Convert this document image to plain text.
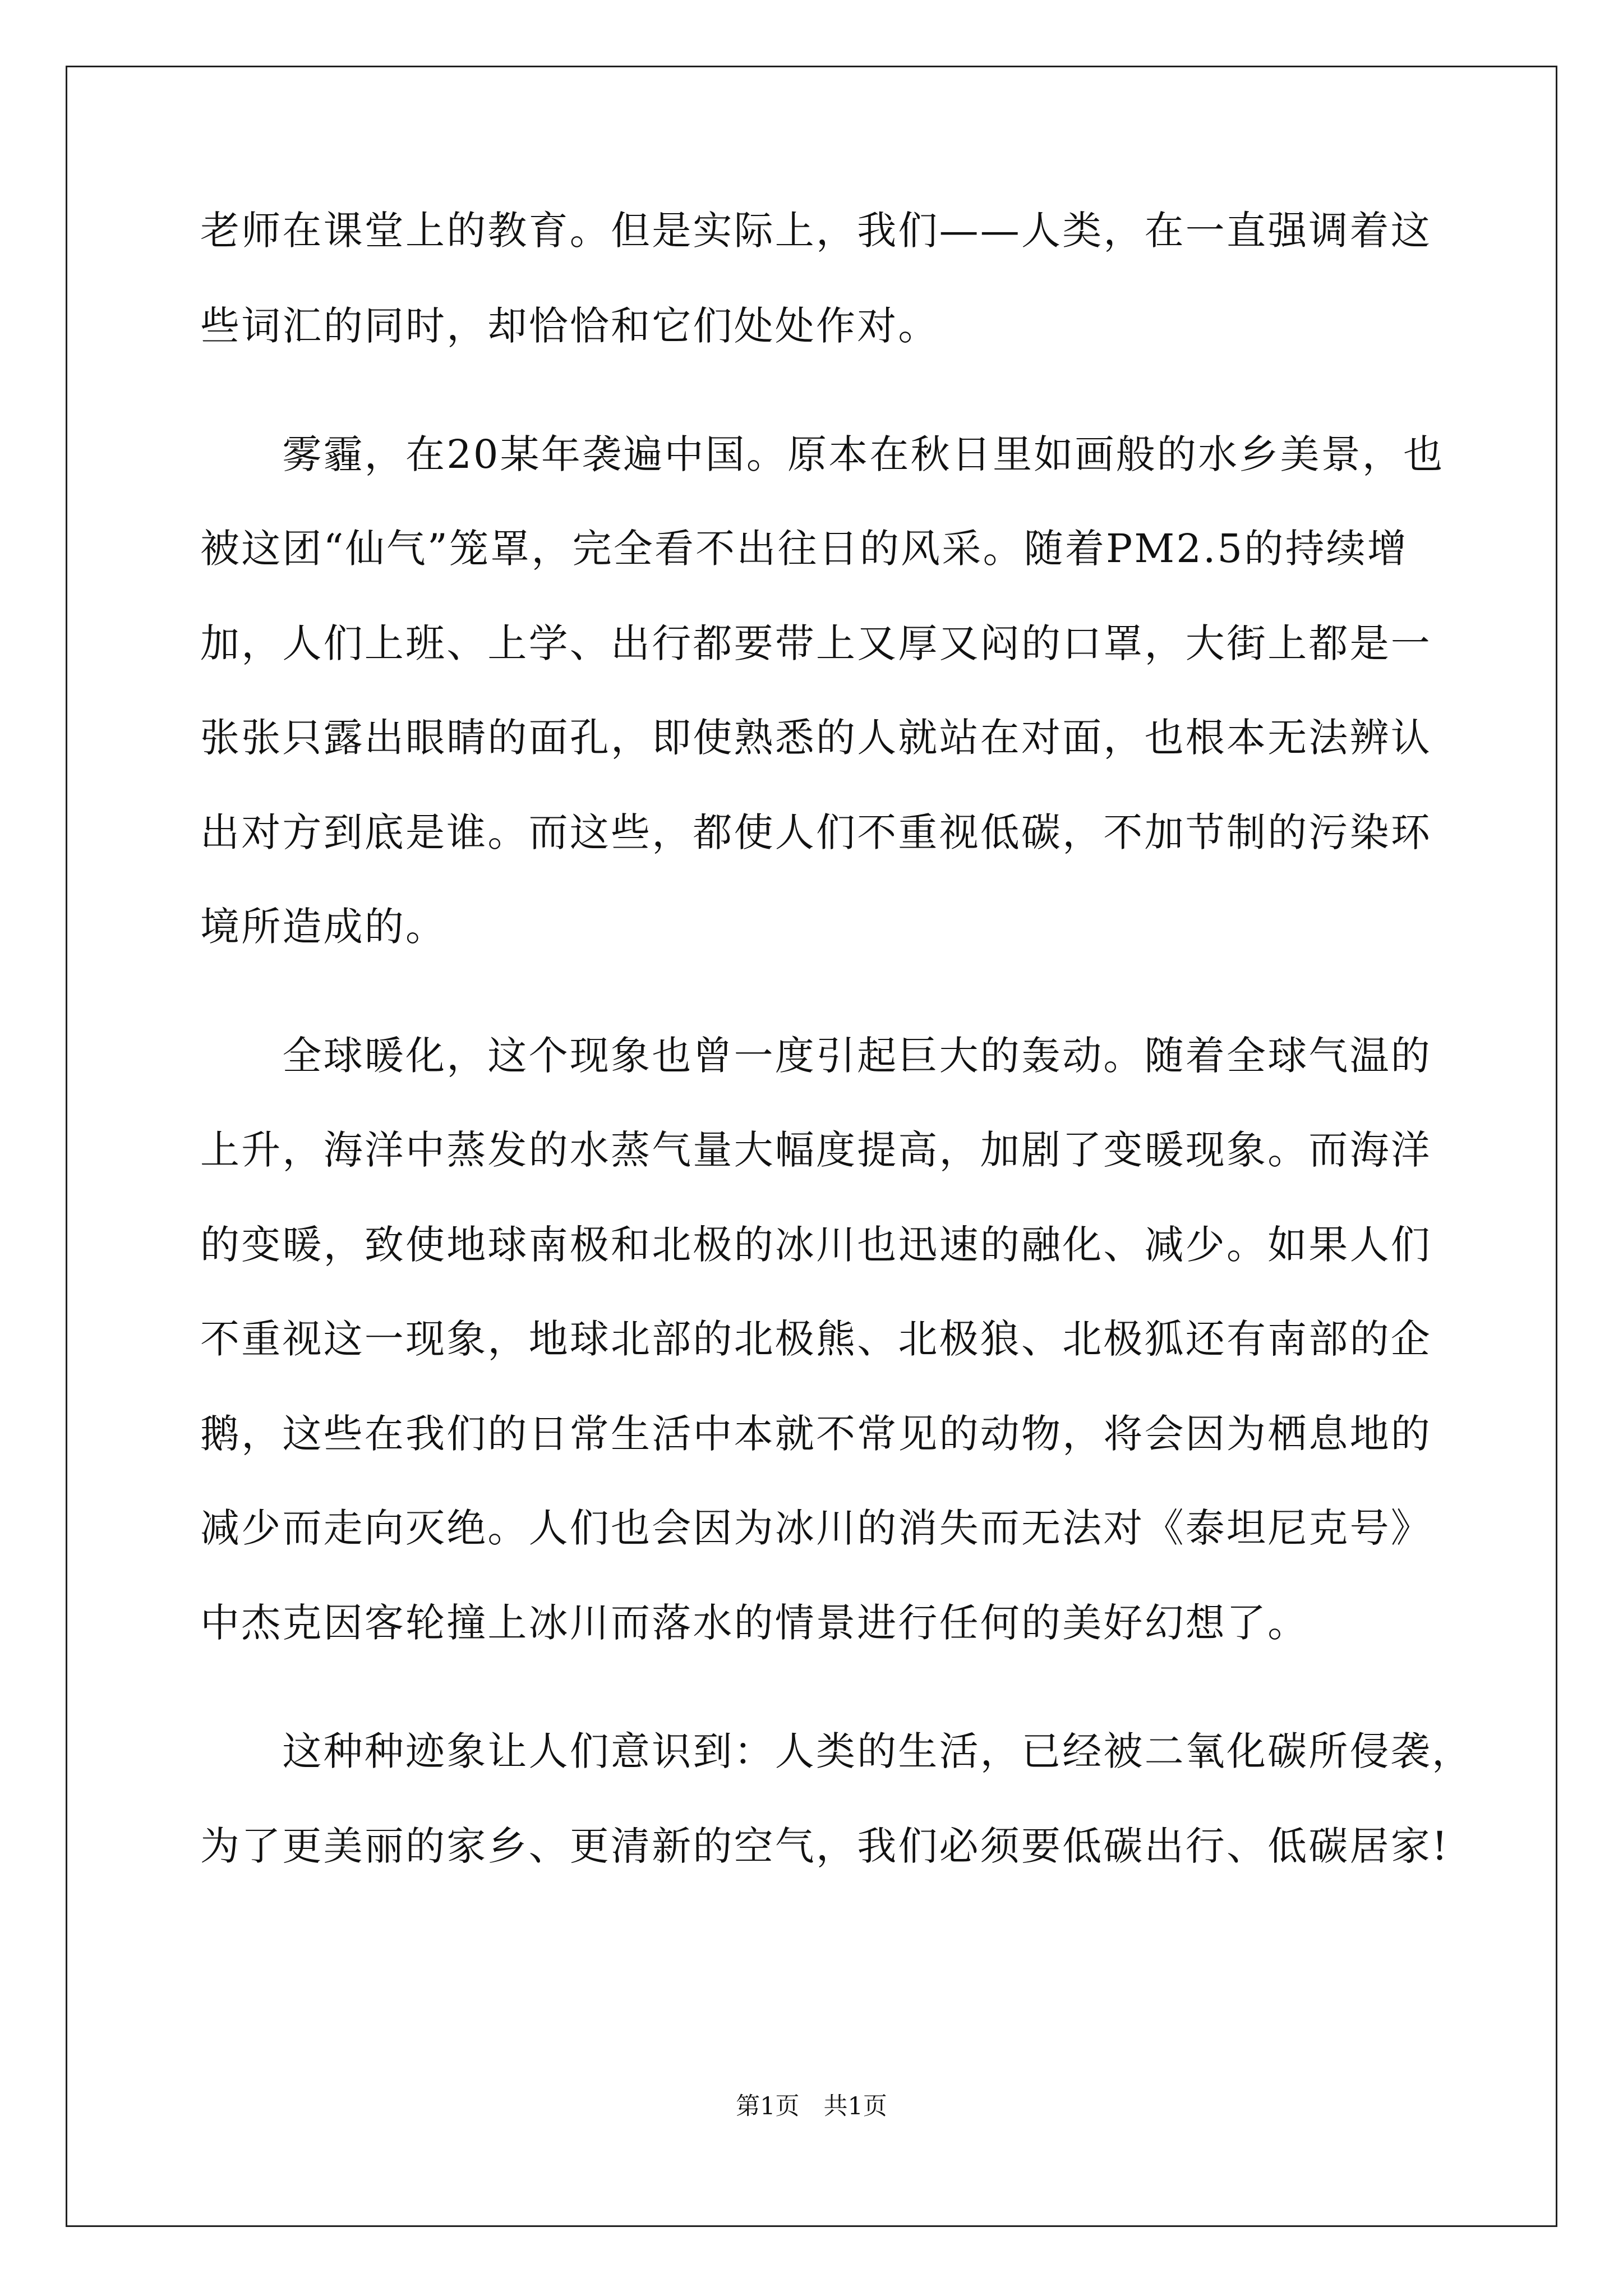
老师在课堂上的教育。但是实际上，我们——人类，在一直强调着这
些词汇的同时，却恰恰和它们处处作对。
　　雾霾，在20某年袭遍中国。原本在秋日里如画般的水乡美景，也
被这团“仙气”笼罩，完全看不出往日的风采。随着PM2.5的持续增
加，人们上班、上学、出行都要带上又厚又闷的口罩，大街上都是一
张张只露出眼睛的面孔，即使熟悉的人就站在对面，也根本无法辨认
出对方到底是谁。而这些，都使人们不重视低碳，不加节制的污染环
境所造成的。
　　全球暖化，这个现象也曾一度引起巨大的轰动。随着全球气温的
上升，海洋中蒸发的水蒸气量大幅度提高，加剧了变暖现象。而海洋
的变暖，致使地球南极和北极的冰川也迅速的融化、减少。如果人们
不重视这一现象，地球北部的北极熊、北极狼、北极狐还有南部的企
鹅，这些在我们的日常生活中本就不常见的动物，将会因为栖息地的
减少而走向灭绝。人们也会因为冰川的消失而无法对《泰坦尼克号》
中杰克因客轮撞上冰川而落水的情景进行任何的美好幻想了。
　　这种种迹象让人们意识到：人类的生活，已经被二氧化碳所侵袭，
为了更美丽的家乡、更清新的空气，我们必须要低碳出行、低碳居家!
第1页　共1页
